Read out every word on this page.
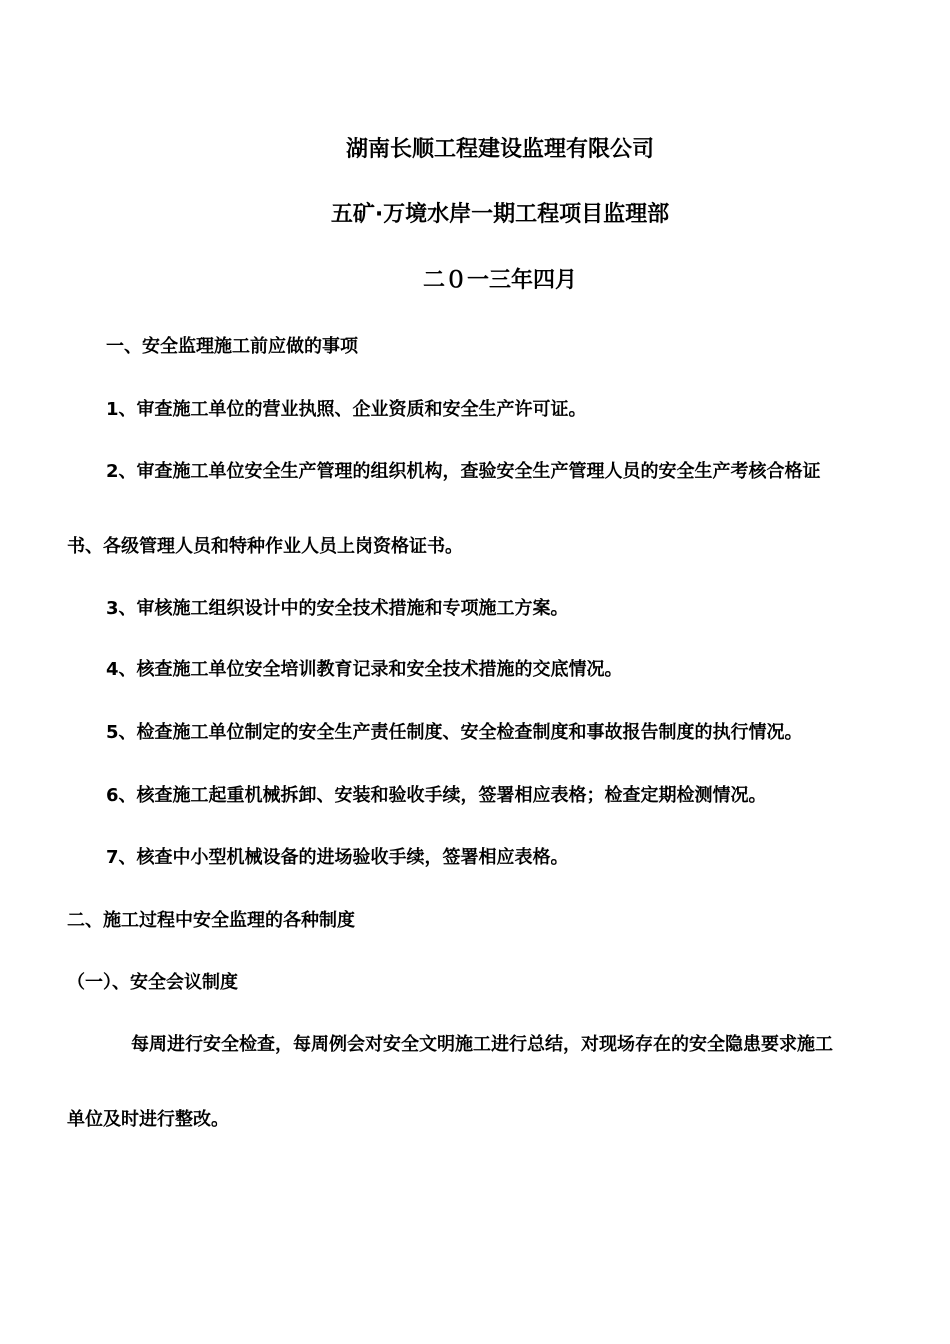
湖南长顺工程建设监理有限公司
五矿·万境水岸一期工程项目监理部
二０一三年四月
一、安全监理施工前应做的事项
1、审查施工单位的营业执照、企业资质和安全生产许可证。
2、审查施工单位安全生产管理的组织机构，查验安全生产管理人员的安全生产考核合格证
书、各级管理人员和特种作业人员上岗资格证书。
3、审核施工组织设计中的安全技术措施和专项施工方案。
4、核查施工单位安全培训教育记录和安全技术措施的交底情况。
5、检查施工单位制定的安全生产责任制度、安全检查制度和事故报告制度的执行情况。
6、核查施工起重机械拆卸、安装和验收手续，签署相应表格；检查定期检测情况。
7、核查中小型机械设备的进场验收手续，签署相应表格。
二、施工过程中安全监理的各种制度
（一）、安全会议制度
每周进行安全检查，每周例会对安全文明施工进行总结，对现场存在的安全隐患要求施工
单位及时进行整改。
